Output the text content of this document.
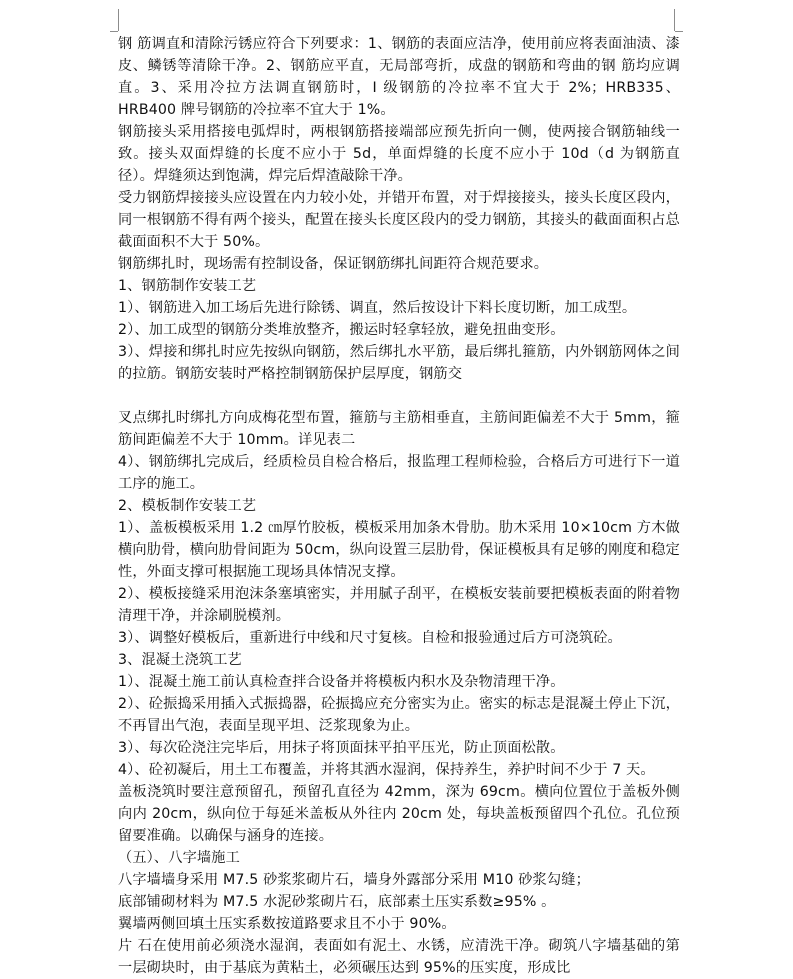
钢 筋调直和清除污锈应符合下列要求：1、钢筋的表面应洁净，使用前应将表面油渍、漆皮、鳞锈等清除干净。2、钢筋应平直，无局部弯折，成盘的钢筋和弯曲的钢 筋均应调直。3、采用冷拉方法调直钢筋时，I 级钢筋的冷拉率不宜大于 2%；HRB335、HRB400 牌号钢筋的冷拉率不宜大于 1%。

钢筋接头采用搭接电弧焊时，两根钢筋搭接端部应预先折向一侧，使两接合钢筋轴线一致。接头双面焊缝的长度不应小于 5d，单面焊缝的长度不应小于 10d（d 为钢筋直径）。焊缝须达到饱满，焊完后焊渣敲除干净。

受力钢筋焊接接头应设置在内力较小处，并错开布置，对于焊接接头，接头长度区段内，同一根钢筋不得有两个接头，配置在接头长度区段内的受力钢筋，其接头的截面面积占总截面面积不大于 50%。

钢筋绑扎时，现场需有控制设备，保证钢筋绑扎间距符合规范要求。

1、钢筋制作安装工艺

1）、钢筋进入加工场后先进行除锈、调直，然后按设计下料长度切断，加工成型。

2）、加工成型的钢筋分类堆放整齐，搬运时轻拿轻放，避免扭曲变形。

3）、焊接和绑扎时应先按纵向钢筋，然后绑扎水平筋，最后绑扎箍筋，内外钢筋网体之间的拉筋。钢筋安装时严格控制钢筋保护层厚度，钢筋交

叉点绑扎时绑扎方向成梅花型布置，箍筋与主筋相垂直，主筋间距偏差不大于 5mm，箍筋间距偏差不大于 10mm。详见表二

4）、钢筋绑扎完成后，经质检员自检合格后，报监理工程师检验，合格后方可进行下一道工序的施工。

2、模板制作安装工艺

1）、盖板模板采用 1.2 ㎝厚竹胶板，模板采用加条木骨肋。肋木采用 10×10cm 方木做横向肋骨，横向肋骨间距为 50cm，纵向设置三层肋骨，保证模板具有足够的刚度和稳定性，外面支撑可根据施工现场具体情况支撑。

2）、模板接缝采用泡沫条塞填密实，并用腻子刮平，在模板安装前要把模板表面的附着物清理干净，并涂刷脱模剂。

3）、调整好模板后，重新进行中线和尺寸复核。自检和报验通过后方可浇筑砼。

3、混凝土浇筑工艺

1）、混凝土施工前认真检查拌合设备并将模板内积水及杂物清理干净。

2）、砼振捣采用插入式振捣器，砼振捣应充分密实为止。密实的标志是混凝土停止下沉，不再冒出气泡，表面呈现平坦、泛浆现象为止。

3）、每次砼浇注完毕后，用抹子将顶面抹平拍平压光，防止顶面松散。

4）、砼初凝后，用土工布覆盖，并将其洒水湿润，保持养生，养护时间不少于 7 天。

盖板浇筑时要注意预留孔，预留孔直径为 42mm，深为 69cm。横向位置位于盖板外侧向内 20cm，纵向位于每延米盖板从外往内 20cm 处，每块盖板预留四个孔位。孔位预留要准确。以确保与涵身的连接。

（五）、八字墙施工

八字墙墙身采用 M7.5 砂浆浆砌片石，墙身外露部分采用 M10 砂浆勾缝；

底部铺砌材料为 M7.5 水泥砂浆砌片石，底部素土压实系数≥95% 。

翼墙两侧回填土压实系数按道路要求且不小于 90%。

片 石在使用前必须浇水湿润，表面如有泥土、水锈，应清洗干净。砌筑八字墙基础的第一层砌块时，由于基底为黄粘土，必须碾压达到 95%的压实度，形成比
